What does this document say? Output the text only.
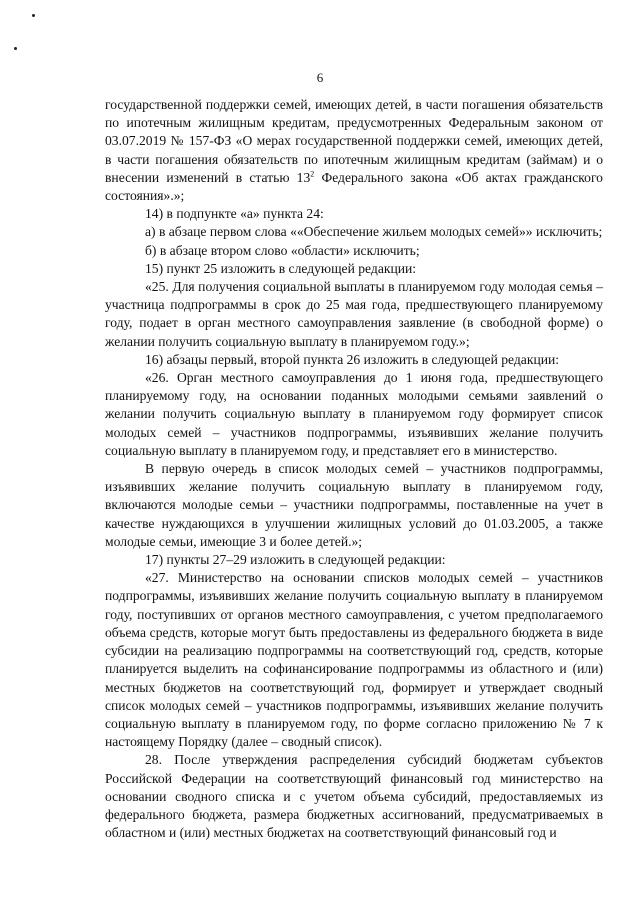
6

государственной поддержки семей, имеющих детей, в части погашения обязательств по ипотечным жилищным кредитам, предусмотренных Федеральным законом от 03.07.2019 № 157-ФЗ «О мерах государственной поддержки семей, имеющих детей, в части погашения обязательств по ипотечным жилищным кредитам (займам) и о внесении изменений в статью $13^2$ Федерального закона «Об актах гражданского состояния».»;

14) в подпункте «а» пункта 24:

а) в абзаце первом слова ««Обеспечение жильем молодых семей»» исключить;

б) в абзаце втором слово «области» исключить;

15) пункт 25 изложить в следующей редакции:

«25. Для получения социальной выплаты в планируемом году молодая семья – участница подпрограммы в срок до 25 мая года, предшествующего планируемому году, подает в орган местного самоуправления заявление (в свободной форме) о желании получить социальную выплату в планируемом году.»;

16) абзацы первый, второй пункта 26 изложить в следующей редакции:

«26. Орган местного самоуправления до 1 июня года, предшествующего планируемому году, на основании поданных молодыми семьями заявлений о желании получить социальную выплату в планируемом году формирует список молодых семей – участников подпрограммы, изъявивших желание получить социальную выплату в планируемом году, и представляет его в министерство.

В первую очередь в список молодых семей – участников подпрограммы, изъявивших желание получить социальную выплату в планируемом году, включаются молодые семьи – участники подпрограммы, поставленные на учет в качестве нуждающихся в улучшении жилищных условий до 01.03.2005, а также молодые семьи, имеющие 3 и более детей.»;

17) пункты 27–29 изложить в следующей редакции:

«27. Министерство на основании списков молодых семей – участников подпрограммы, изъявивших желание получить социальную выплату в планируемом году, поступивших от органов местного самоуправления, с учетом предполагаемого объема средств, которые могут быть предоставлены из федерального бюджета в виде субсидии на реализацию подпрограммы на соответствующий год, средств, которые планируется выделить на софинансирование подпрограммы из областного и (или) местных бюджетов на соответствующий год, формирует и утверждает сводный список молодых семей – участников подпрограммы, изъявивших желание получить социальную выплату в планируемом году, по форме согласно приложению № 7 к настоящему Порядку (далее – сводный список).

28. После утверждения распределения субсидий бюджетам субъектов Российской Федерации на соответствующий финансовый год министерство на основании сводного списка и с учетом объема субсидий, предоставляемых из федерального бюджета, размера бюджетных ассигнований, предусматриваемых в областном и (или) местных бюджетах на соответствующий финансовый год и
